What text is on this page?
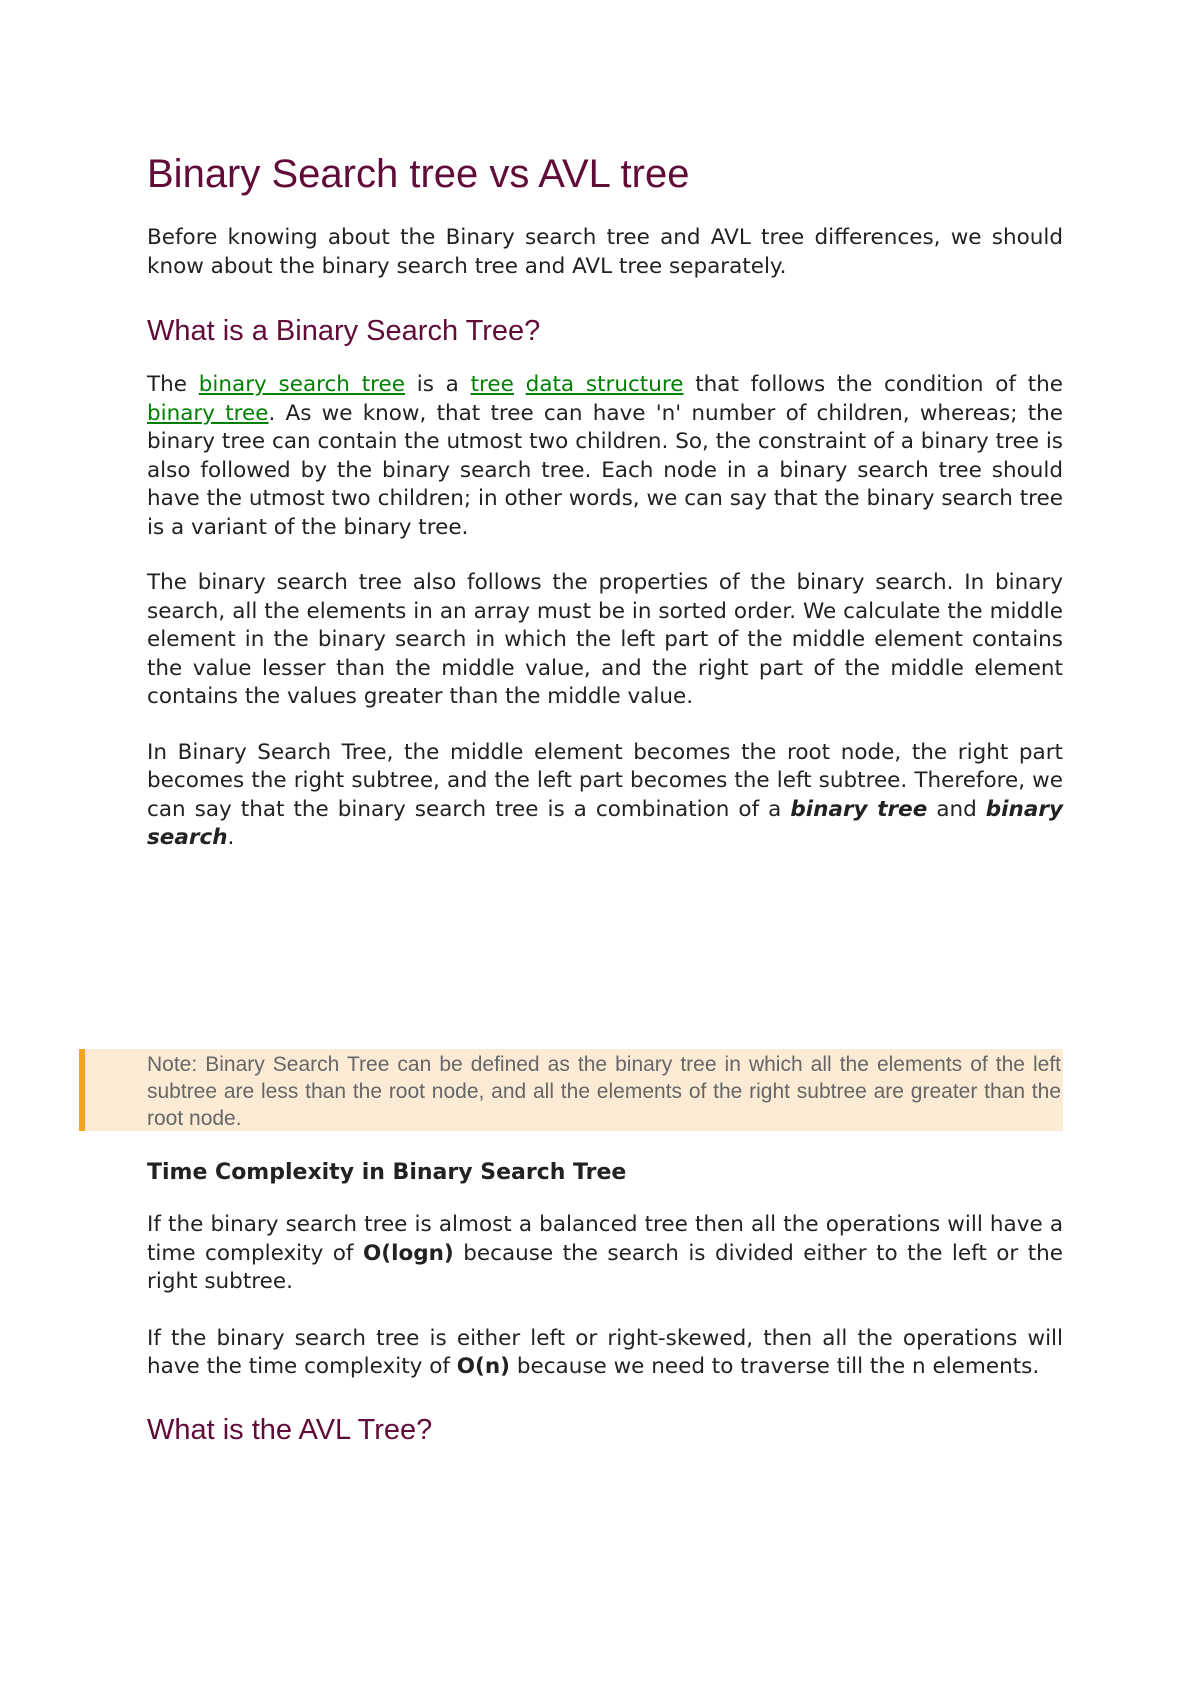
Binary Search tree vs AVL tree

Before knowing about the Binary search tree and AVL tree differences, we should know about the binary search tree and AVL tree separately.

What is a Binary Search Tree?

The binary search tree is a tree data structure that follows the condition of the binary tree. As we know, that tree can have 'n' number of children, whereas; the binary tree can contain the utmost two children. So, the constraint of a binary tree is also followed by the binary search tree. Each node in a binary search tree should have the utmost two children; in other words, we can say that the binary search tree is a variant of the binary tree.

The binary search tree also follows the properties of the binary search. In binary search, all the elements in an array must be in sorted order. We calculate the middle element in the binary search in which the left part of the middle element contains the value lesser than the middle value, and the right part of the middle element contains the values greater than the middle value.

In Binary Search Tree, the middle element becomes the root node, the right part becomes the right subtree, and the left part becomes the left subtree. Therefore, we can say that the binary search tree is a combination of a binary tree and binary search.

Note: Binary Search Tree can be defined as the binary tree in which all the elements of the left subtree are less than the root node, and all the elements of the right subtree are greater than the root node.
Time Complexity in Binary Search Tree

If the binary search tree is almost a balanced tree then all the operations will have a time complexity of O(logn) because the search is divided either to the left or the right subtree.

If the binary search tree is either left or right-skewed, then all the operations will have the time complexity of O(n) because we need to traverse till the n elements.

What is the AVL Tree?
